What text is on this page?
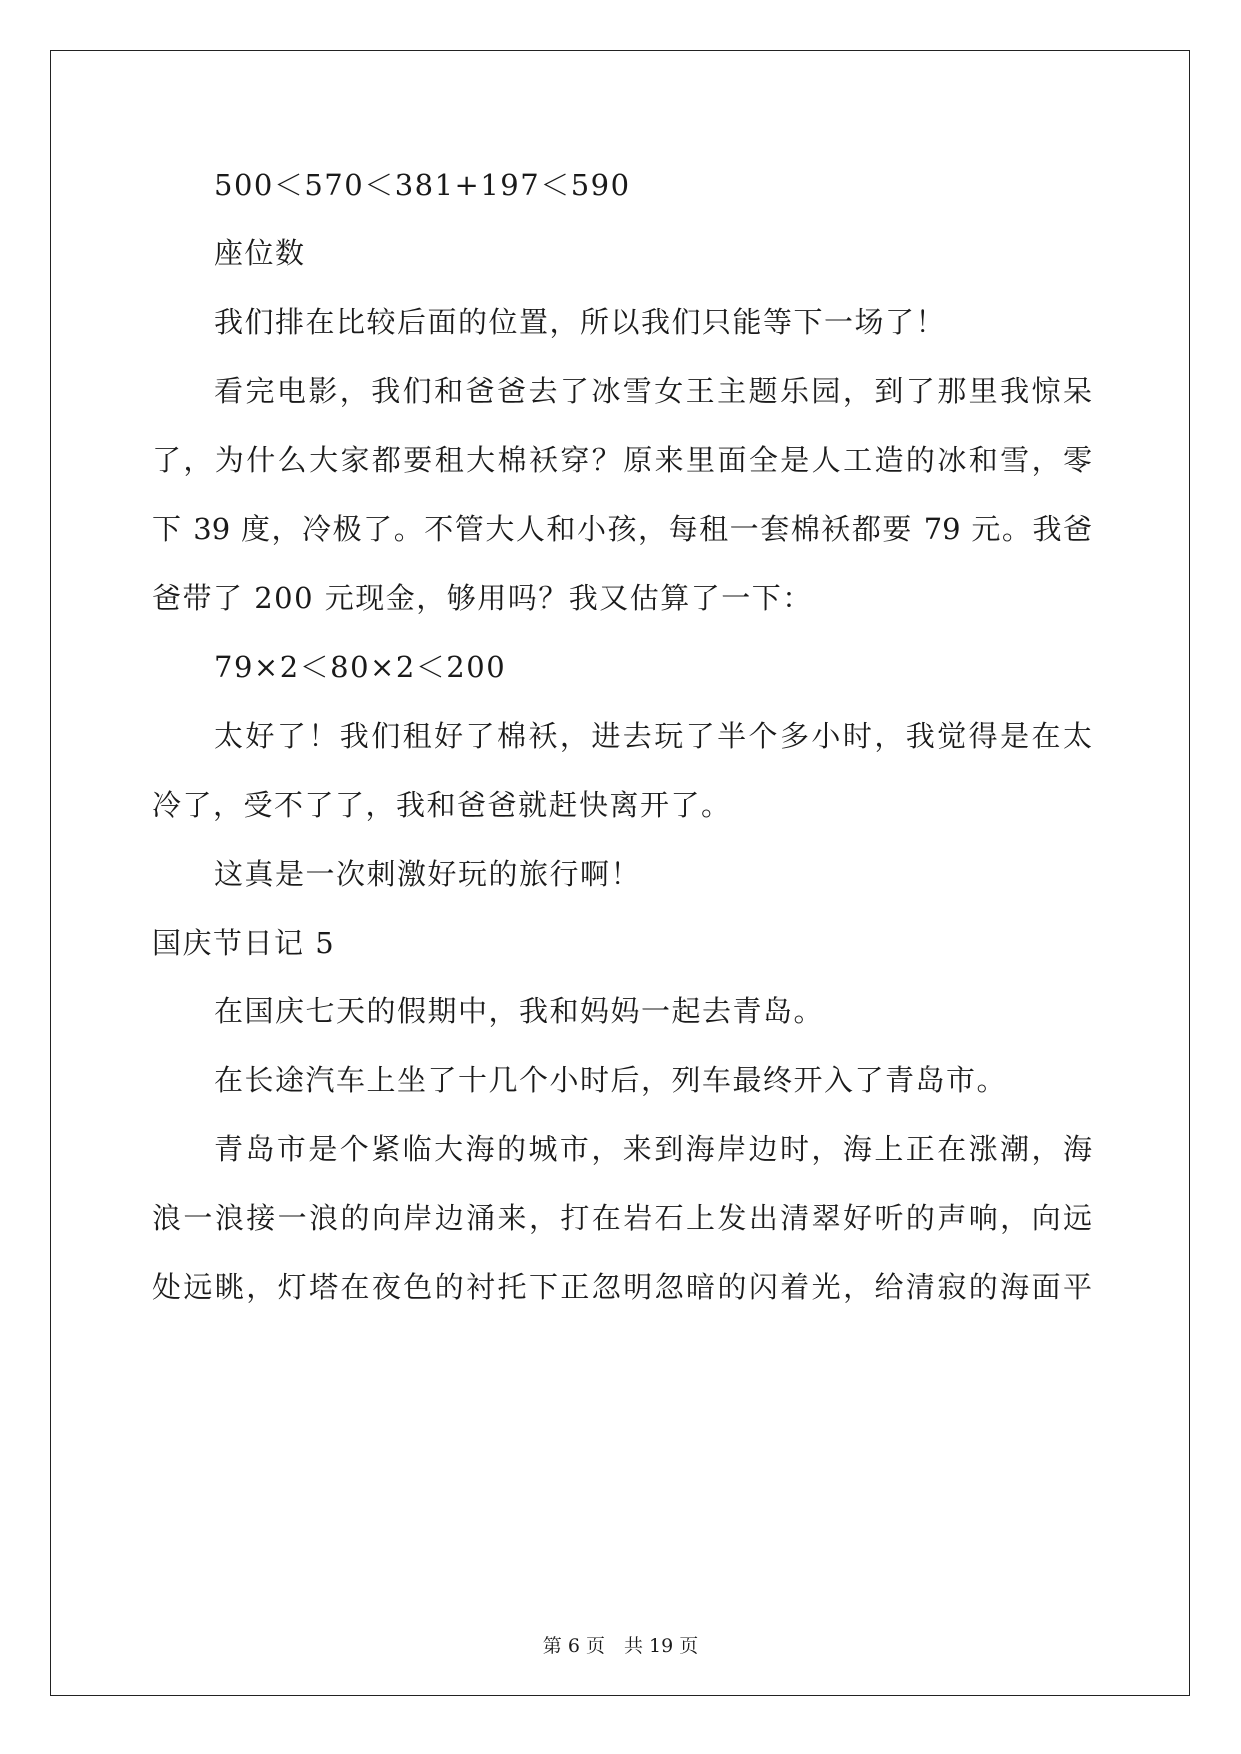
500＜570＜381+197＜590
座位数
我们排在比较后面的位置，所以我们只能等下一场了！
看完电影，我们和爸爸去了冰雪女王主题乐园，到了那里我惊呆
了，为什么大家都要租大棉袄穿？原来里面全是人工造的冰和雪，零
下 39 度，冷极了。不管大人和小孩，每租一套棉袄都要 79 元。我爸
爸带了 200 元现金，够用吗？我又估算了一下：
79×2＜80×2＜200
太好了！我们租好了棉袄，进去玩了半个多小时，我觉得是在太
冷了，受不了了，我和爸爸就赶快离开了。
这真是一次刺激好玩的旅行啊！
国庆节日记 5
在国庆七天的假期中，我和妈妈一起去青岛。
在长途汽车上坐了十几个小时后，列车最终开入了青岛市。
青岛市是个紧临大海的城市，来到海岸边时，海上正在涨潮，海
浪一浪接一浪的向岸边涌来，打在岩石上发出清翠好听的声响，向远
处远眺，灯塔在夜色的衬托下正忽明忽暗的闪着光，给清寂的海面平
第 6 页　共 19 页
